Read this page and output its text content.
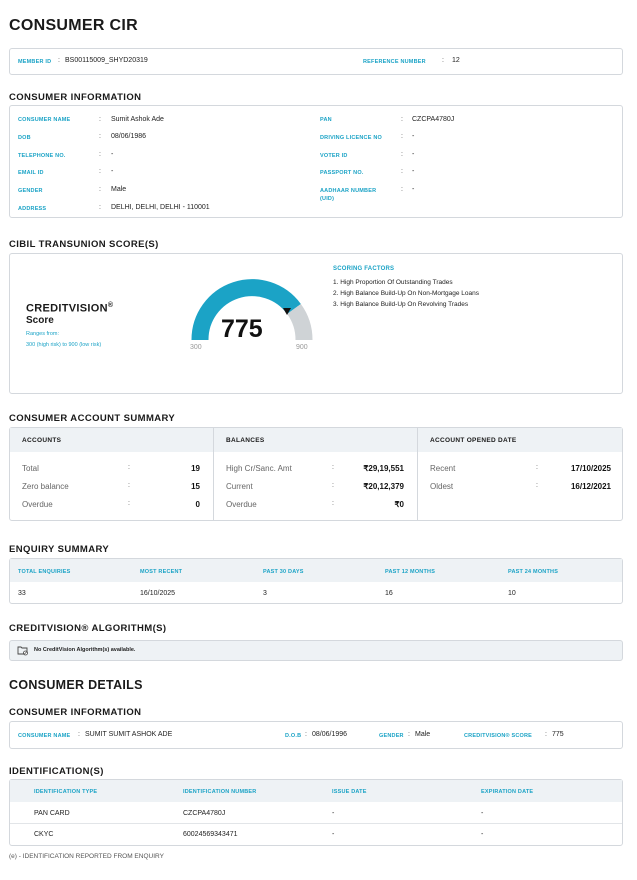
CONSUMER CIR
MEMBER ID : BS00115009_SHYD20319	REFERENCE NUMBER : 12
CONSUMER INFORMATION
CONSUMER NAME	: Sumit Ashok Ade
DOB	: 08/06/1986
TELEPHONE NO.	: -
EMAIL ID	: -
GENDER	: Male
ADDRESS	: DELHI, DELHI, DELHI - 110001
PAN	: CZCPA4780J
DRIVING LICENCE NO	: -
VOTER ID	: -
PASSPORT NO.	: -
AADHAAR NUMBER
(UID)
: -
CIBIL TRANSUNION SCORE(S)
CREDITVISION®
Score
Ranges from:
300 (high risk) to 900 (low risk)
775
300	900
SCORING FACTORS
1. High Proportion Of Outstanding Trades
2. High Balance Build-Up On Non-Mortgage Loans
3. High Balance Build-Up On Revolving Trades
CONSUMER ACCOUNT SUMMARY
ACCOUNTS
Total	:	19
Zero balance	:	15
Overdue	:	0
BALANCES
High Cr/Sanc. Amt	:	₹29,19,551
Current	:	₹20,12,379
Overdue	:	₹0
ACCOUNT OPENED DATE
Recent	:	17/10/2025
Oldest	:	16/12/2021
ENQUIRY SUMMARY
TOTAL ENQUIRIES	MOST RECENT	PAST 30 DAYS	PAST 12 MONTHS	PAST 24 MONTHS
33	16/10/2025	3	16	10
CREDITVISION® ALGORITHM(S)
No CreditVision Algorithm(s) available.
CONSUMER DETAILS
CONSUMER INFORMATION
CONSUMER NAME : SUMIT SUMIT ASHOK ADE	D.O.B : 08/06/1996	GENDER : Male	CREDITVISION® SCORE : 775
IDENTIFICATION(S)
IDENTIFICATION TYPE	IDENTIFICATION NUMBER	ISSUE DATE	EXPIRATION DATE
PAN CARD	CZCPA4780J	-	-
CKYC	60024569343471	-	-
(e) - IDENTIFICATION REPORTED FROM ENQUIRY
